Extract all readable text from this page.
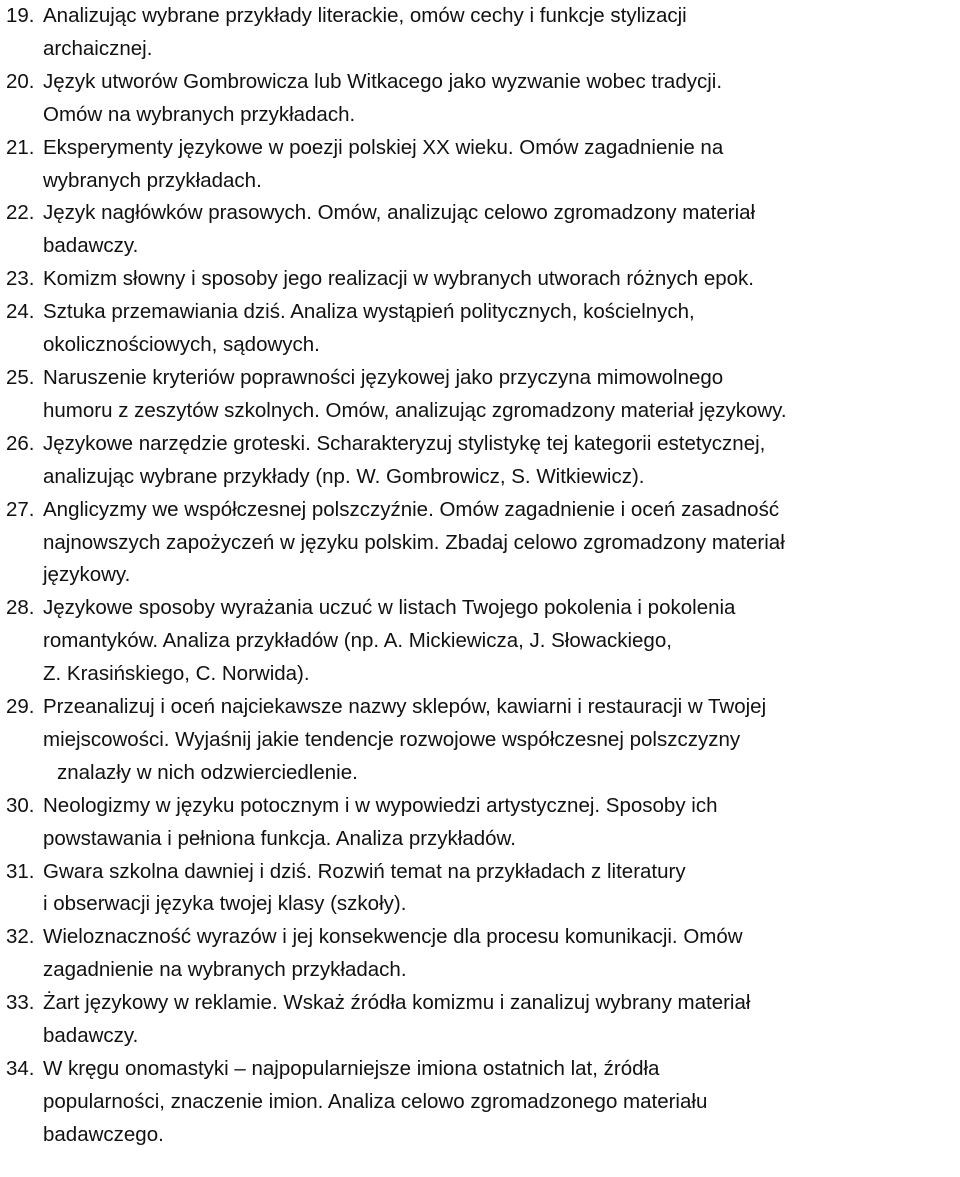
19. Analizując wybrane przykłady literackie, omów cechy i funkcje stylizacji
archaicznej.
20. Język utworów Gombrowicza lub Witkacego jako wyzwanie wobec tradycji.
Omów na wybranych przykładach.
21. Eksperymenty językowe w poezji polskiej XX wieku. Omów zagadnienie na
wybranych przykładach.
22. Język nagłówków prasowych. Omów, analizując celowo zgromadzony materiał
badawczy.
23. Komizm słowny i sposoby jego realizacji w wybranych utworach różnych epok.
24. Sztuka przemawiania dziś. Analiza wystąpień politycznych, kościelnych,
okolicznościowych, sądowych.
25. Naruszenie kryteriów poprawności językowej jako przyczyna mimowolnego
humoru z zeszytów szkolnych. Omów, analizując zgromadzony materiał językowy.
26. Językowe narzędzie groteski. Scharakteryzuj stylistykę tej kategorii estetycznej,
analizując wybrane przykłady (np. W. Gombrowicz, S. Witkiewicz).
27. Anglicyzmy we współczesnej polszczyźnie. Omów zagadnienie i oceń zasadność
najnowszych zapożyczeń w języku polskim. Zbadaj celowo zgromadzony materiał
językowy.
28. Językowe sposoby wyrażania uczuć w listach Twojego pokolenia i pokolenia
romantyków. Analiza przykładów (np. A. Mickiewicza, J. Słowackiego,
Z. Krasińskiego, C. Norwida).
29. Przeanalizuj i oceń najciekawsze nazwy sklepów, kawiarni i restauracji w Twojej
miejscowości. Wyjaśnij jakie tendencje rozwojowe współczesnej polszczyzny
znalazły w nich odzwierciedlenie.
30. Neologizmy w języku potocznym i w wypowiedzi artystycznej. Sposoby ich
powstawania i pełniona funkcja. Analiza przykładów.
31. Gwara szkolna dawniej i dziś. Rozwiń temat na przykładach z literatury
i obserwacji języka twojej klasy (szkoły).
32. Wieloznaczność wyrazów i jej konsekwencje dla procesu komunikacji. Omów
zagadnienie na wybranych przykładach.
33. Żart językowy w reklamie. Wskaż źródła komizmu i zanalizuj wybrany materiał
badawczy.
34. W kręgu onomastyki – najpopularniejsze imiona ostatnich lat, źródła
popularności, znaczenie imion. Analiza celowo zgromadzonego materiału
badawczego.
